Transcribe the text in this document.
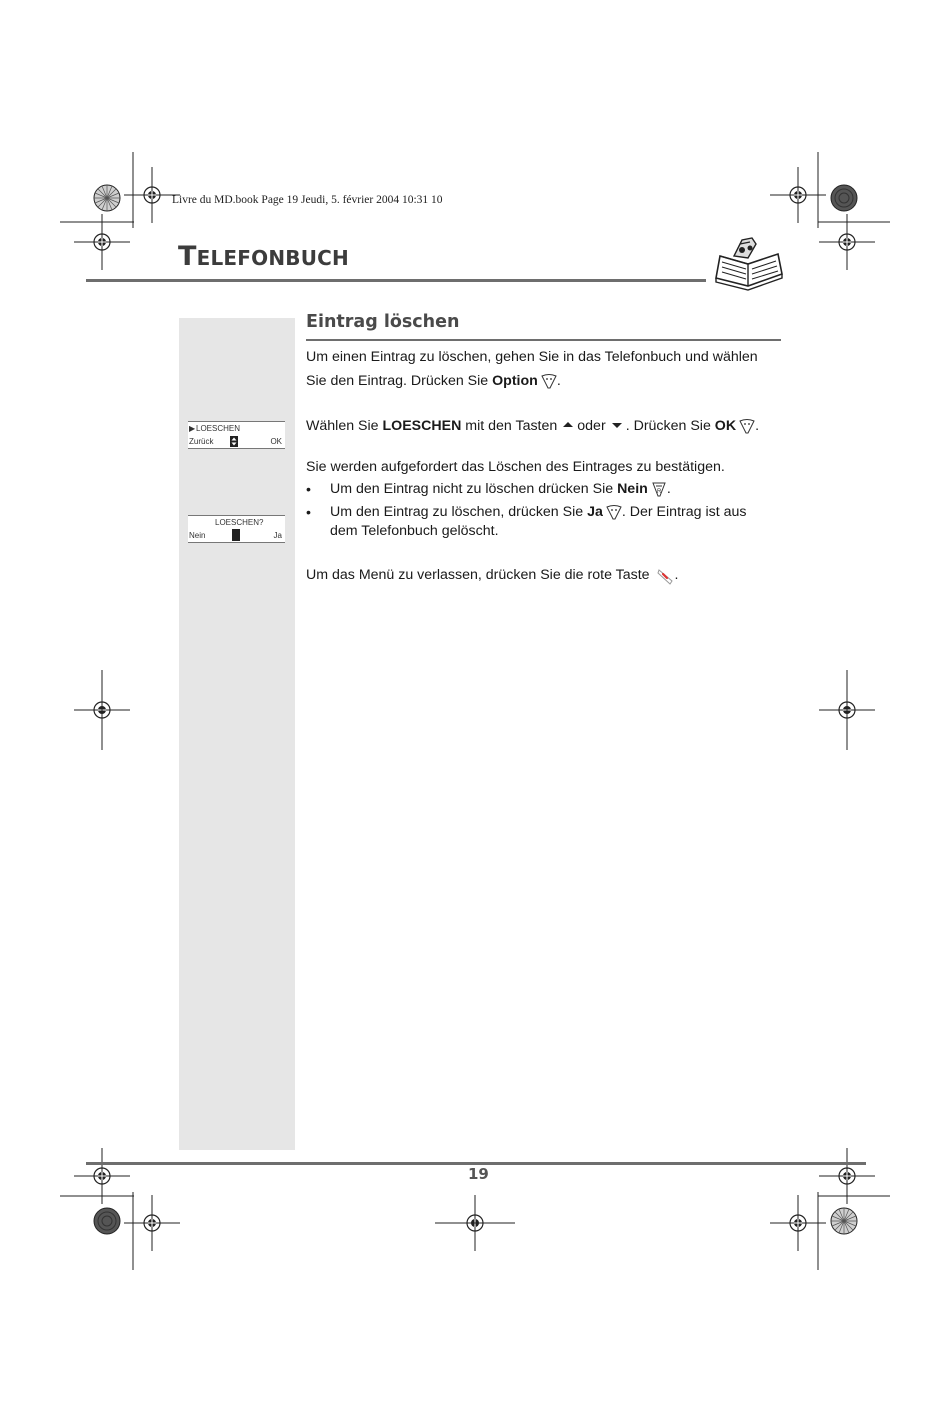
Livre du MD.book Page 19 Jeudi, 5. février 2004 10:31 10
TELEFONBUCH
▶ LOESCHEN
Zurück	OK
LOESCHEN?
Nein	Ja
Eintrag löschen
Um einen Eintrag zu löschen, gehen Sie in das Telefonbuch und wählen
Sie den Eintrag. Drücken Sie Option .
Wählen Sie LOESCHEN mit den Tasten oder . Drücken Sie OK .
Sie werden aufgefordert das Löschen des Eintrages zu bestätigen.
• Um den Eintrag nicht zu löschen drücken Sie Nein R .
• Um den Eintrag zu löschen, drücken Sie Ja . Der Eintrag ist aus
dem Telefonbuch gelöscht.
Um das Menü zu verlassen, drücken Sie die rote Taste .
19
